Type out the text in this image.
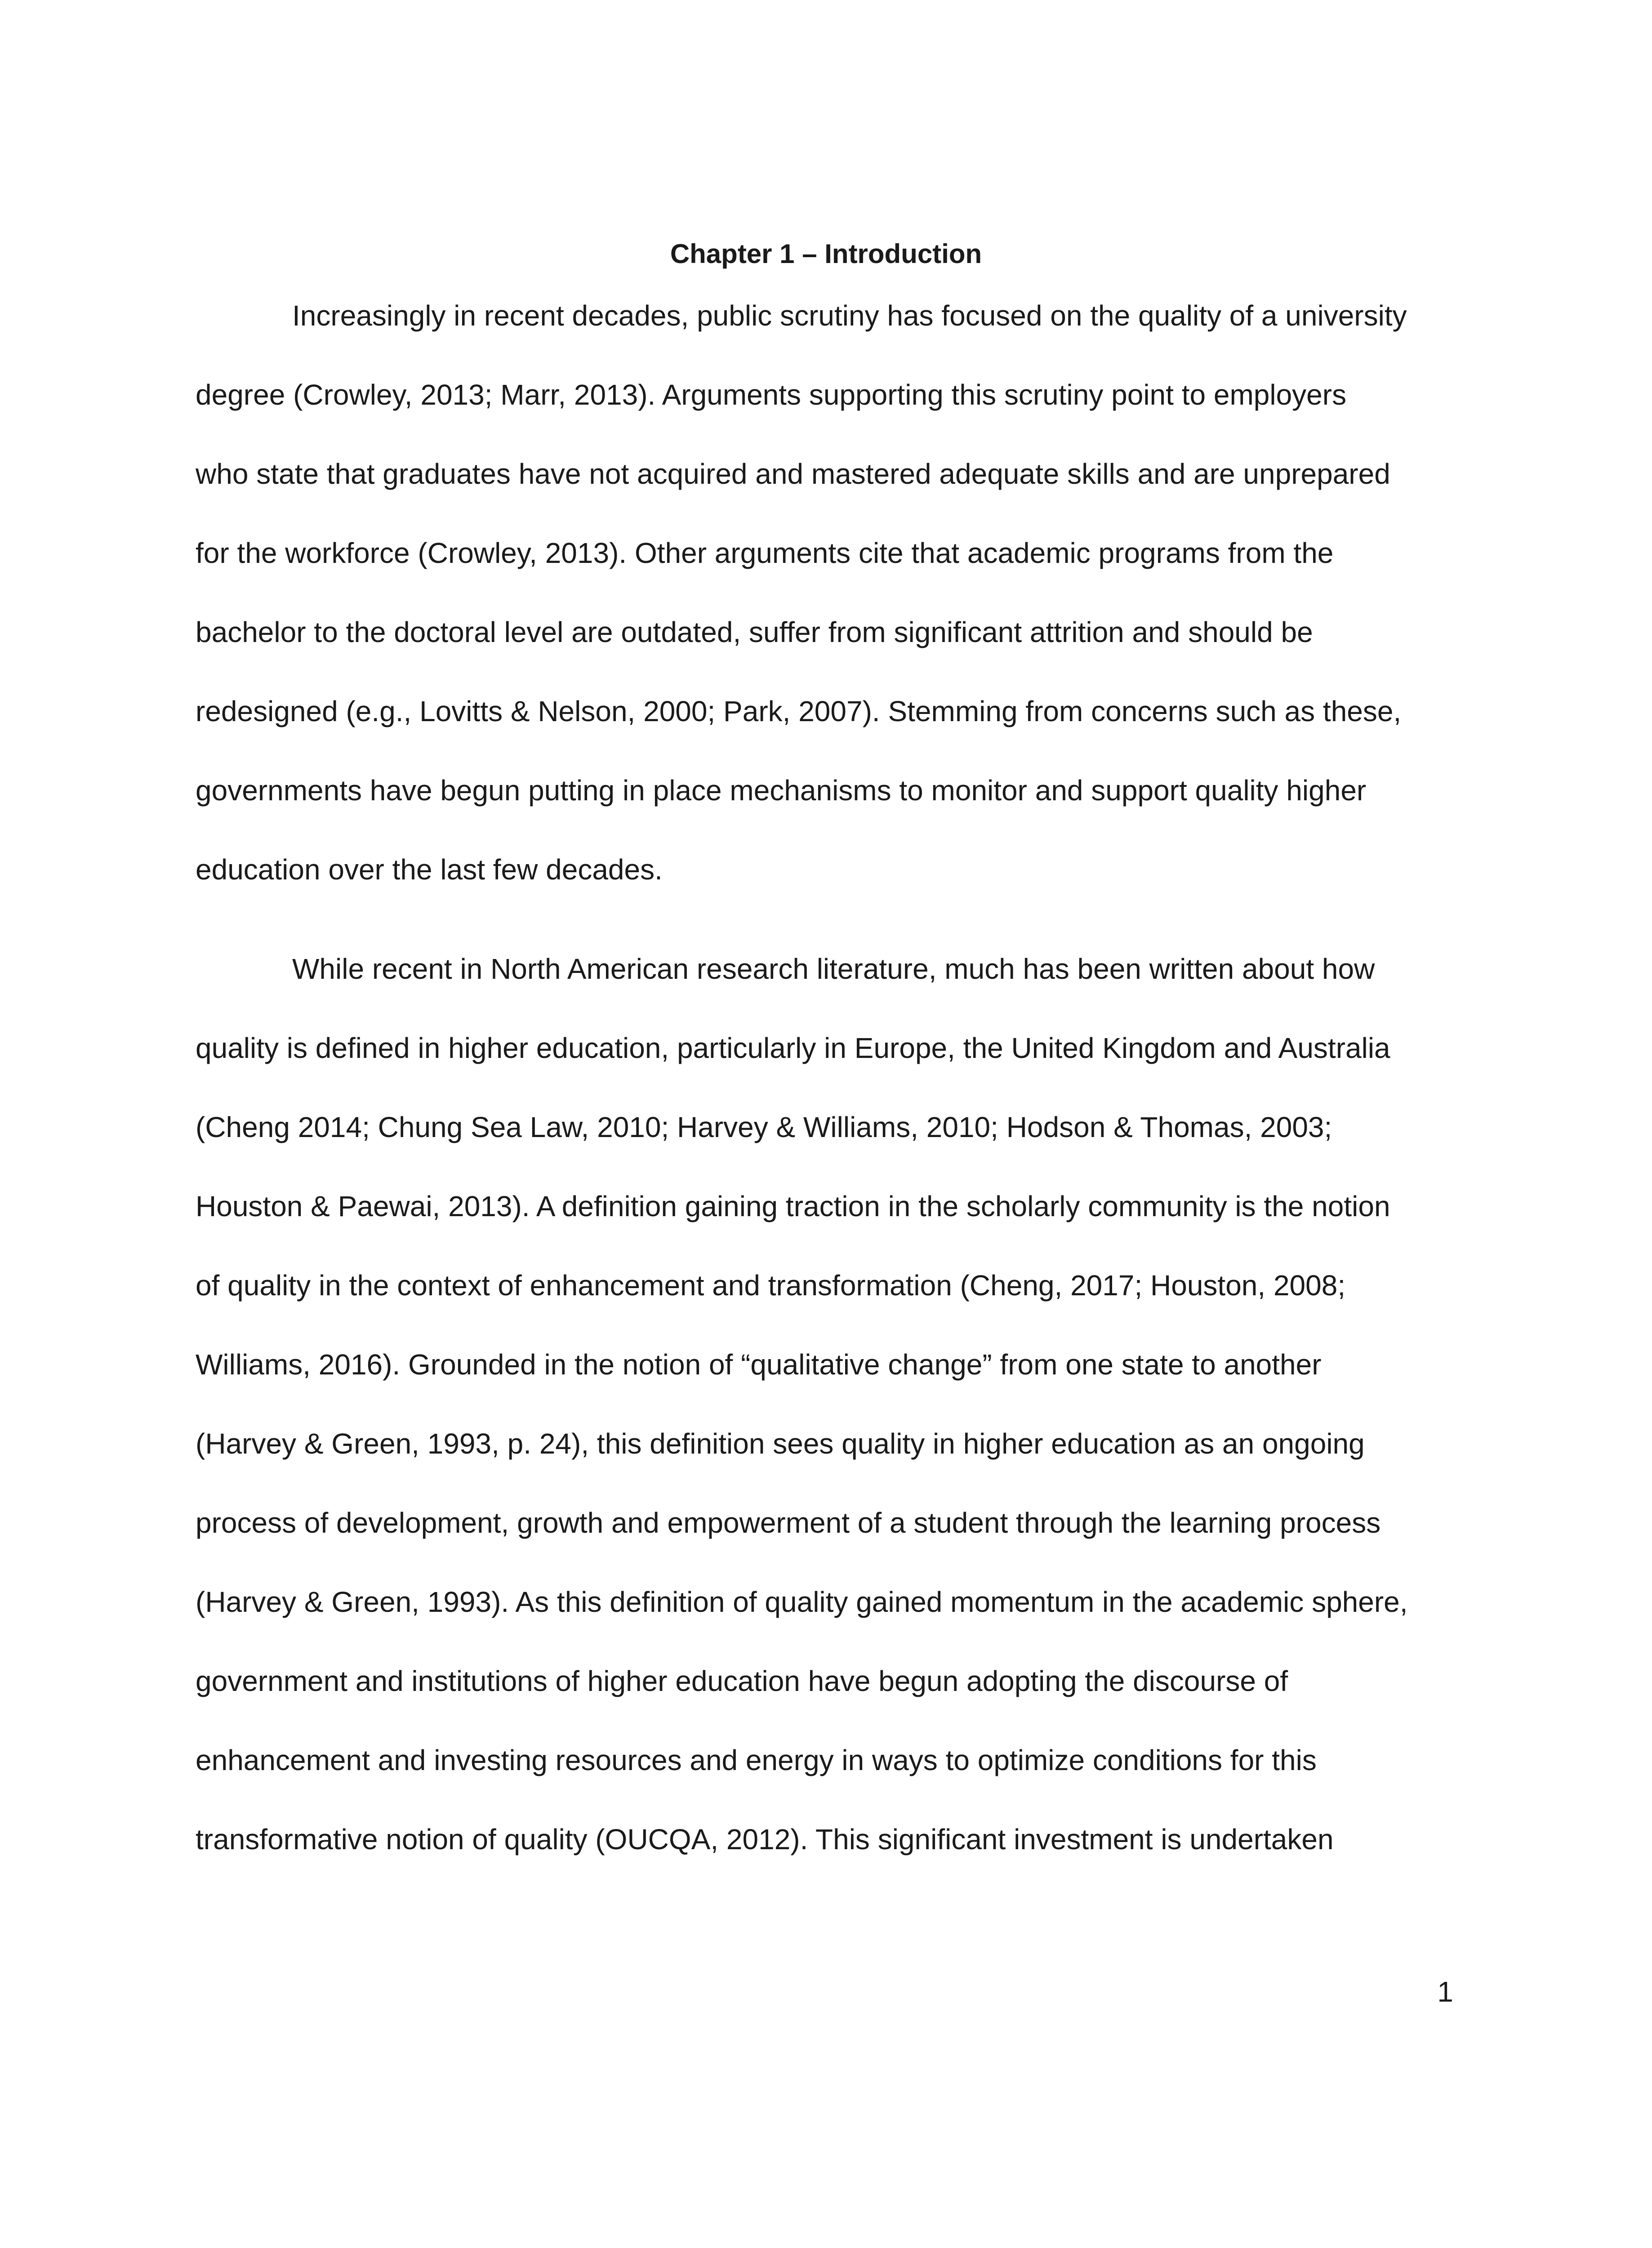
Chapter 1 – Introduction

Increasingly in recent decades, public scrutiny has focused on the quality of a university

degree (Crowley, 2013; Marr, 2013). Arguments supporting this scrutiny point to employers

who state that graduates have not acquired and mastered adequate skills and are unprepared

for the workforce (Crowley, 2013). Other arguments cite that academic programs from the

bachelor to the doctoral level are outdated, suffer from significant attrition and should be

redesigned (e.g., Lovitts & Nelson, 2000; Park, 2007). Stemming from concerns such as these,

governments have begun putting in place mechanisms to monitor and support quality higher

education over the last few decades.

While recent in North American research literature, much has been written about how

quality is defined in higher education, particularly in Europe, the United Kingdom and Australia

(Cheng 2014; Chung Sea Law, 2010; Harvey & Williams, 2010; Hodson & Thomas, 2003;

Houston & Paewai, 2013). A definition gaining traction in the scholarly community is the notion

of quality in the context of enhancement and transformation (Cheng, 2017; Houston, 2008;

Williams, 2016). Grounded in the notion of “qualitative change” from one state to another

(Harvey & Green, 1993, p. 24), this definition sees quality in higher education as an ongoing

process of development, growth and empowerment of a student through the learning process

(Harvey & Green, 1993). As this definition of quality gained momentum in the academic sphere,

government and institutions of higher education have begun adopting the discourse of

enhancement and investing resources and energy in ways to optimize conditions for this

transformative notion of quality (OUCQA, 2012). This significant investment is undertaken

1
